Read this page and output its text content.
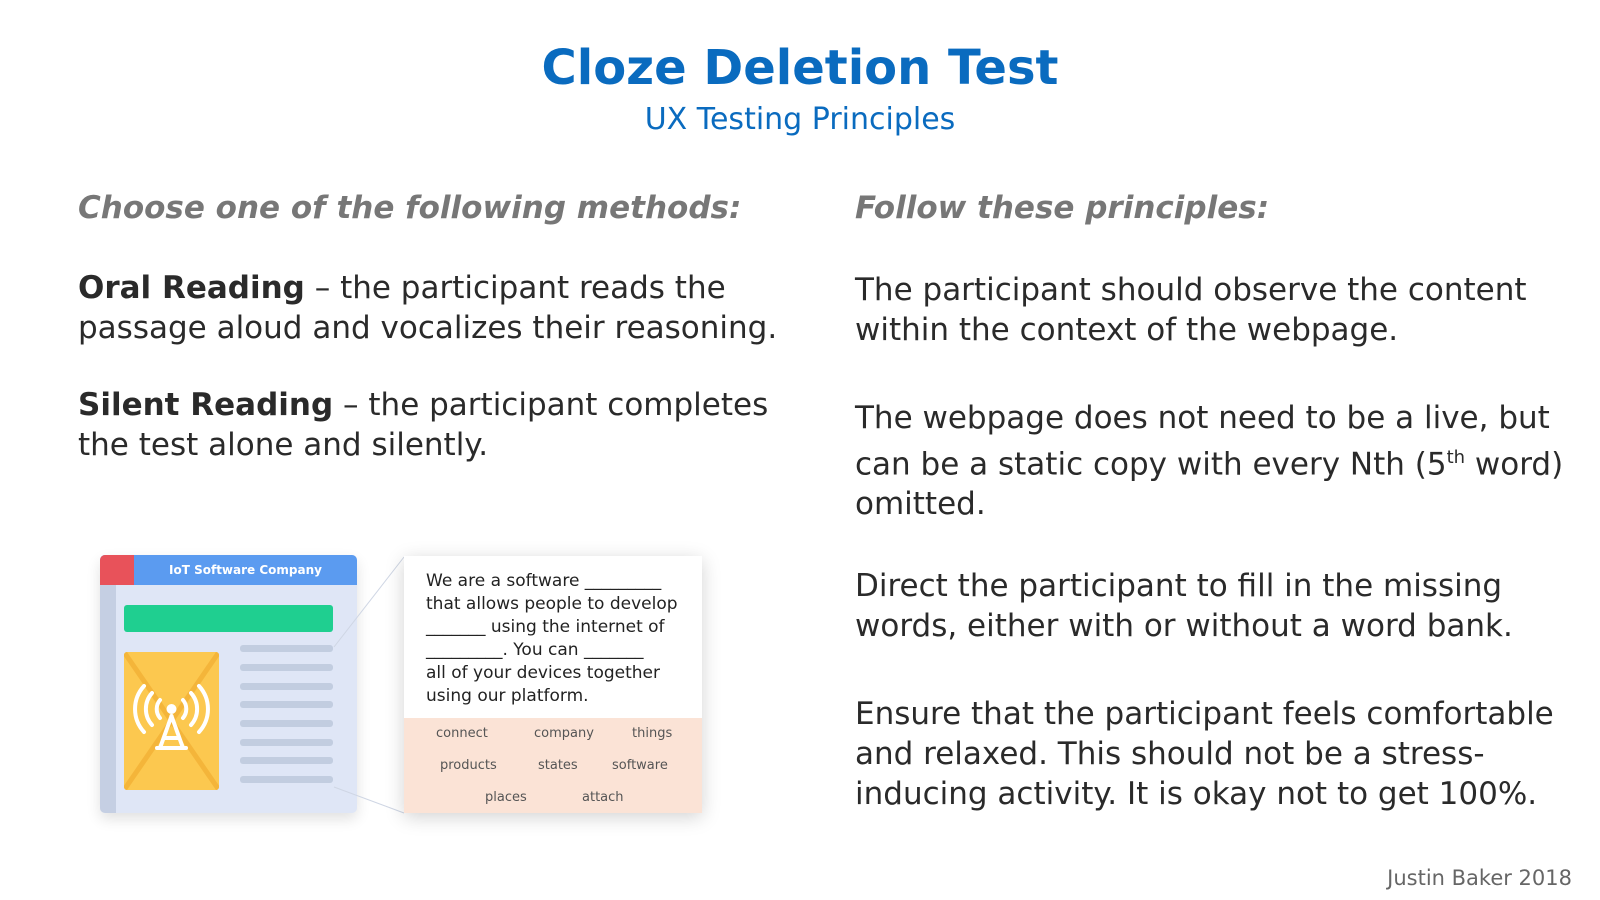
Cloze Deletion Test
UX Testing Principles
Choose one of the following methods:	Follow these principles:
Oral Reading – the participant reads the
passage aloud and vocalizes their reasoning.
Silent Reading – the participant completes
the test alone and silently.
The participant should observe the content
within the context of the webpage.
The webpage does not need to be a live, but
can be a static copy with every Nth (5th word)
omitted.
Direct the participant to fill in the missing
words, either with or without a word bank.
Ensure that the participant feels comfortable
and relaxed. This should not be a stress-
inducing activity. It is okay not to get 100%.
IoT Software Company
We are a software _________
that allows people to develop
_______ using the internet of
_________. You can _______
all of your devices together
using our platform.
connect	company	things
products	states	software
places	attach
Justin Baker 2018
